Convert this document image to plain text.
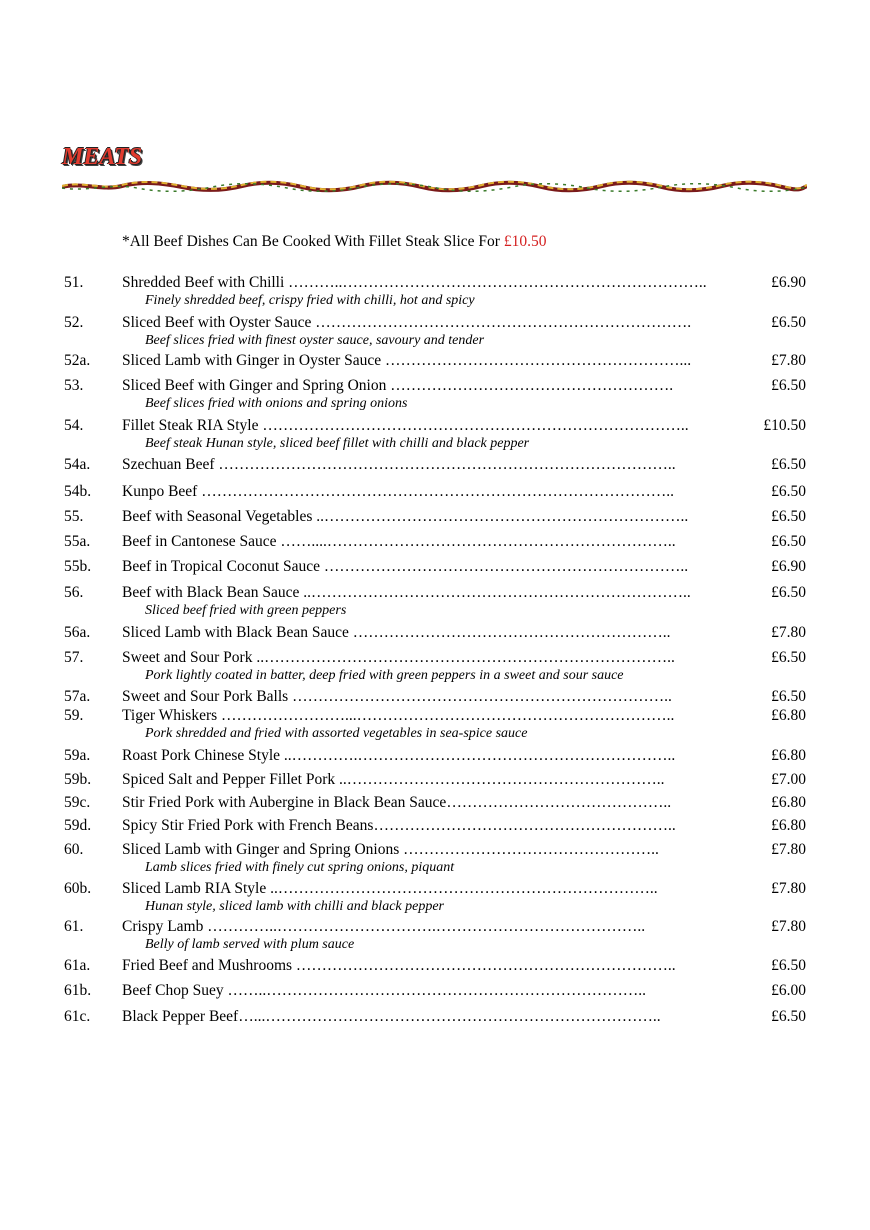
MEATS
*All Beef Dishes Can Be Cooked With Fillet Steak Slice For £10.50
51. Shredded Beef with Chilli ………..……………………………………………………………..	£6.90
Finely shredded beef, crispy fried with chilli, hot and spicy
52. Sliced Beef with Oyster Sauce ……………………………………………………………….	£6.50
Beef slices fried with finest oyster sauce, savoury and tender
52a. Sliced Lamb with Ginger in Oyster Sauce …………………………………………………...	£7.80
53. Sliced Beef with Ginger and Spring Onion ……………………………………………….	£6.50
Beef slices fried with onions and spring onions
54. Fillet Steak RIA Style ………………………………………………………………………..	£10.50
Beef steak Hunan style, sliced beef fillet with chilli and black pepper
54a. Szechuan Beef ……………………………………………………………………………..	£6.50
54b. Kunpo Beef ………………………………………………………………………………..	£6.50
55. Beef with Seasonal Vegetables ..……………………………………………………………..	£6.50
55a. Beef in Cantonese Sauce ……....…………………………………………………………..	£6.50
55b. Beef in Tropical Coconut Sauce ……………………………………………………………..	£6.90
56. Beef with Black Bean Sauce ..………………………………………………………………..	£6.50
Sliced beef fried with green peppers
56a. Sliced Lamb with Black Bean Sauce ……………………………………………………..	£7.80
57. Sweet and Sour Pork ..……………………………………………………………………..	£6.50
Pork lightly coated in batter, deep fried with green peppers in a sweet and sour sauce
57a. Sweet and Sour Pork Balls ………………………………………………………………..	£6.50
59. Tiger Whiskers ……………………...……………………………………………………..	£6.80
Pork shredded and fried with assorted vegetables in sea-spice sauce
59a. Roast Pork Chinese Style ..………….……………………………………………………..	£6.80
59b. Spiced Salt and Pepper Fillet Pork ..……………………………………………………..	£7.00
59c. Stir Fried Pork with Aubergine in Black Bean Sauce……………………………………..	£6.80
59d. Spicy Stir Fried Pork with French Beans…………………………………………………..	£6.80
60. Sliced Lamb with Ginger and Spring Onions …………………………………………..	£7.80
Lamb slices fried with finely cut spring onions, piquant
60b. Sliced Lamb RIA Style ..………………………………………………………………..	£7.80
Hunan style, sliced lamb with chilli and black pepper
61. Crispy Lamb …………..………………………….…………………………………..	£7.80
Belly of lamb served with plum sauce
61a. Fried Beef and Mushrooms ………………………………………………………………..	£6.50
61b. Beef Chop Suey ……..………………………………………………………………..	£6.00
61c. Black Pepper Beef…...…………………………………………………………………..	£6.50
